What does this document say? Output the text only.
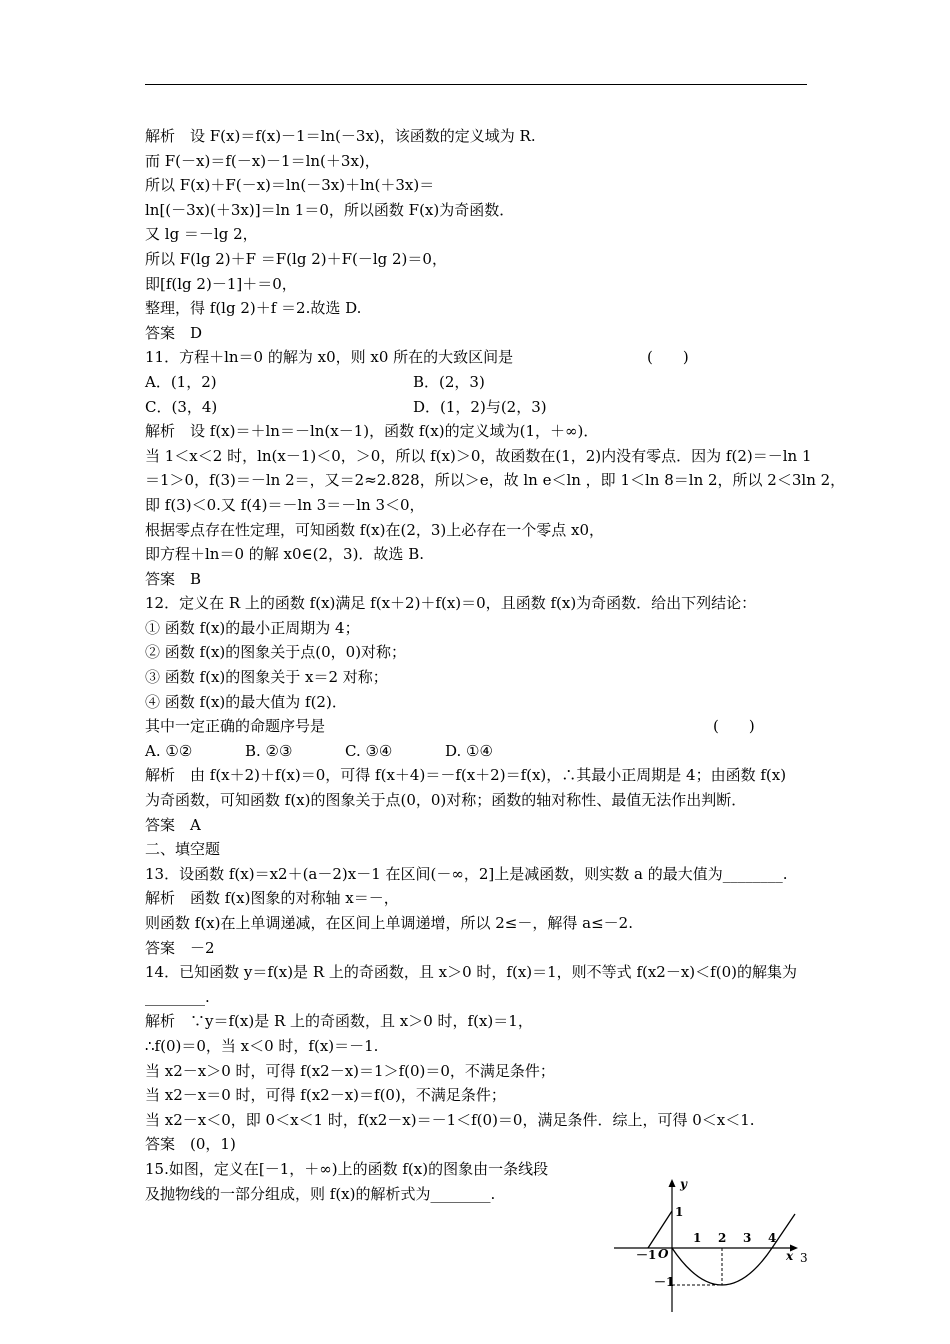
解析　设 F(x)＝f(x)－1＝ln(－3x)，该函数的定义域为 R.
而 F(－x)＝f(－x)－1＝ln(＋3x)，
所以 F(x)＋F(－x)＝ln(－3x)＋ln(＋3x)＝
ln[(－3x)(＋3x)]＝ln 1＝0，所以函数 F(x)为奇函数．
又 lg ＝－lg 2，
所以 F(lg 2)＋F ＝F(lg 2)＋F(－lg 2)＝0，
即[f(lg 2)－1]＋＝0，
整理，得 f(lg 2)＋f ＝2.故选 D.
答案　D
11．方程＋ln＝0 的解为 x0，则 x0 所在的大致区间是	(　　)
A．(1，2)	B．(2，3)
C．(3，4)	D．(1，2)与(2，3)
解析　设 f(x)＝＋ln＝－ln(x－1)，函数 f(x)的定义域为(1，＋∞)．
当 1＜x＜2 时，ln(x－1)＜0，＞0，所以 f(x)＞0，故函数在(1，2)内没有零点．因为 f(2)＝－ln 1
＝1＞0，f(3)＝－ln 2＝，又＝2≈2.828，所以＞e，故 ln e＜ln ，即 1＜ln 8＝ln 2，所以 2＜3ln 2，
即 f(3)＜0.又 f(4)＝－ln 3＝－ln 3＜0，
根据零点存在性定理，可知函数 f(x)在(2，3)上必存在一个零点 x0，
即方程＋ln＝0 的解 x0∈(2，3)．故选 B.
答案　B
12．定义在 R 上的函数 f(x)满足 f(x＋2)＋f(x)＝0，且函数 f(x)为奇函数．给出下列结论：
① 函数 f(x)的最小正周期为 4；
② 函数 f(x)的图象关于点(0，0)对称；
③ 函数 f(x)的图象关于 x＝2 对称；
④ 函数 f(x)的最大值为 f(2)．
其中一定正确的命题序号是	(　　)
A. ①②	B. ②③	C. ③④	D. ①④
解析　由 f(x＋2)＋f(x)＝0，可得 f(x＋4)＝－f(x＋2)＝f(x)，∴其最小正周期是 4；由函数 f(x)
为奇函数，可知函数 f(x)的图象关于点(0，0)对称；函数的轴对称性、最值无法作出判断．
答案　A
二、填空题
13．设函数 f(x)＝x2＋(a－2)x－1 在区间(－∞，2]上是减函数，则实数 a 的最大值为________.
解析　函数 f(x)图象的对称轴 x＝－，
则函数 f(x)在上单调递减，在区间上单调递增，所以 2≤－，解得 a≤－2.
答案　－2
14．已知函数 y＝f(x)是 R 上的奇函数，且 x＞0 时，f(x)＝1，则不等式 f(x2－x)＜f(0)的解集为
________.
解析　∵y＝f(x)是 R 上的奇函数，且 x＞0 时，f(x)＝1，
∴f(0)＝0，当 x＜0 时，f(x)＝－1.
当 x2－x＞0 时，可得 f(x2－x)＝1＞f(0)＝0，不满足条件；
当 x2－x＝0 时，可得 f(x2－x)＝f(0)，不满足条件；
当 x2－x＜0，即 0＜x＜1 时，f(x2－x)＝－1＜f(0)＝0，满足条件．综上，可得 0＜x＜1.
答案　(0，1)
15.如图，定义在[－1，＋∞)上的函数 f(x)的图象由一条线段
及抛物线的一部分组成，则 f(x)的解析式为________.
y
x
O
1
－1
－1
1 2 3 4
3
